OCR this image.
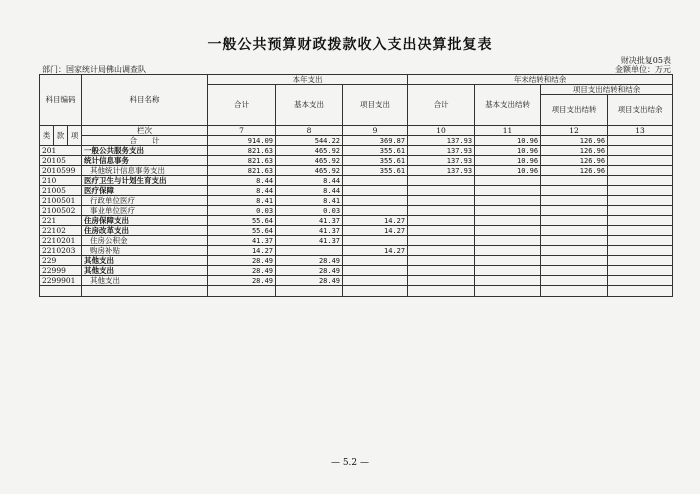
一般公共预算财政拨款收入支出决算批复表
财决批复05表
部门：国家统计局佛山调查队	金额单位：万元
科目编码			科目名称	本年支出			年末结转和结余			
				合计	基本支出	项目支出	合计	基本支出结转	项目支出结转和结余	
									项目支出结转	项目支出结余
类	款	项	栏次	7	8	9	10	11	12	13
			合　　计	914.09	544.22	369.87	137.93	10.96	126.96	
201			一般公共服务支出	821.63	465.92	355.61	137.93	10.96	126.96	
20105			统计信息事务	821.63	465.92	355.61	137.93	10.96	126.96	
2010599			其他统计信息事务支出	821.63	465.92	355.61	137.93	10.96	126.96	
210			医疗卫生与计划生育支出	8.44	8.44					
21005			医疗保障	8.44	8.44					
2100501			行政单位医疗	8.41	8.41					
2100502			事业单位医疗	0.03	0.03					
221			住房保障支出	55.64	41.37	14.27				
22102			住房改革支出	55.64	41.37	14.27				
2210201			住房公积金	41.37	41.37					
2210203			购房补贴	14.27		14.27				
229			其他支出	28.49	28.49					
22999			其他支出	28.49	28.49					
2299901			其他支出	28.49	28.49					

— 5.2 —
